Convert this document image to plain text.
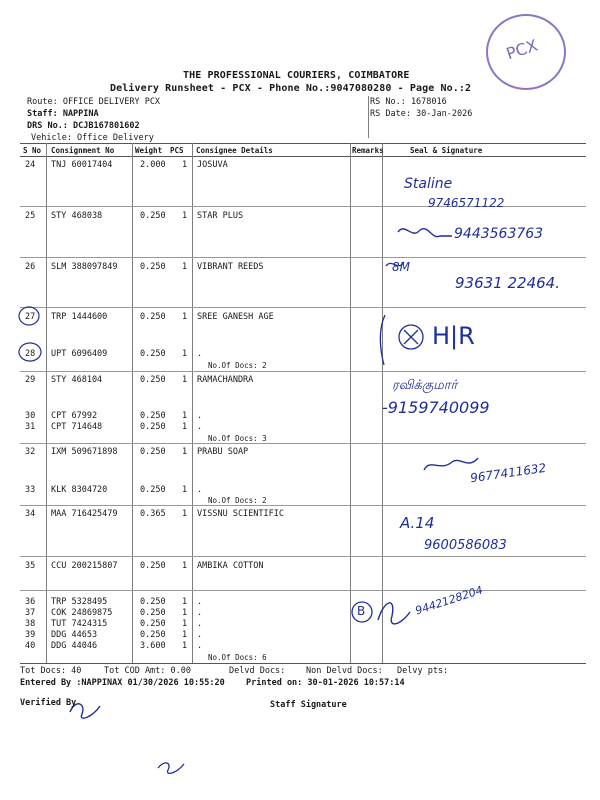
PCX
THE PROFESSIONAL COURIERS, COIMBATORE
Delivery Runsheet - PCX - Phone No.:9047080280 - Page No.:2
Route: OFFICE DELIVERY PCX
Staff: NAPPINA
DRS No.: DCJB167801602
Vehicle: Office Delivery
RS No.: 1678016
RS Date: 30-Jan-2026
S No Consignment No	Weight PCS Consignee Details	Remarks	Seal & Signature
24 TNJ 60017404	2.000 1 JOSUVA
25 STY 468038	0.250 1 STAR PLUS
26 SLM 388097849	0.250 1 VIBRANT REEDS
27 TRP 1444600	0.250 1 SREE GANESH AGE
28 UPT 6096409	0.250 1 .
No.Of Docs: 2
29 STY 468104	0.250 1 RAMACHANDRA
30 CPT 67992	0.250 1 .
31 CPT 714648	0.250 1 .
No.Of Docs: 3
32 IXM 509671898	0.250 1 PRABU SOAP
33 KLK 8304720	0.250 1 .
No.Of Docs: 2
34 MAA 716425479	0.365 1 VISSNU SCIENTIFIC
35 CCU 200215807	0.250 1 AMBIKA COTTON
36 TRP 5328495	0.250 1 .
37 COK 24869875	0.250 1 .
38 TUT 7424315	0.250 1 .
39 DDG 44653	0.250 1 .
40 DDG 44046	3.600 1 .
No.Of Docs: 6
Staline
9746571122
9443563763
8M
93631 22464.
H|R
ரவிக்குமார்
-9159740099
9677411632
A.14
9600586083
B	9442128204
Tot Docs: 40	Tot COD Amt: 0.00	Delvd Docs: Non Delvd Docs: Delvy pts:
Entered By :NAPPINAX 01/30/2026 10:55:20	Printed on: 30-01-2026 10:57:14
Verified By	Staff Signature
